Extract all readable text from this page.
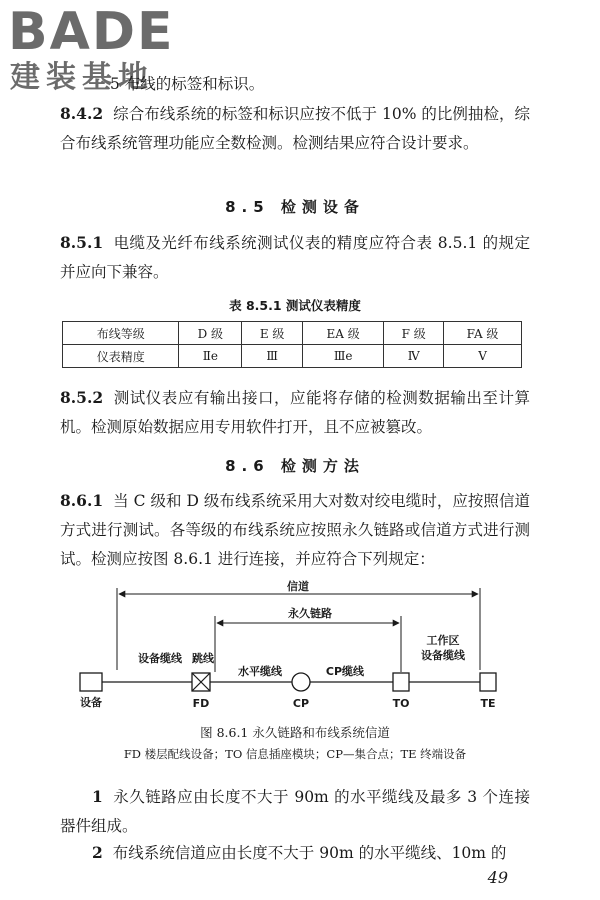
BADE
建装基地

5 布线的标签和标识。

8.4.2 综合布线系统的标签和标识应按不低于 10% 的比例抽检，综合布线系统管理功能应全数检测。检测结果应符合设计要求。

8.5 检测设备

8.5.1 电缆及光纤布线系统测试仪表的精度应符合表 8.5.1 的规定并应向下兼容。

表 8.5.1 测试仪表精度
布线等级	D 级	E 级	EA 级	F 级	FA 级
仪表精度	Ⅱe	Ⅲ	Ⅲe	Ⅳ	Ⅴ

8.5.2 测试仪表应有输出接口，应能将存储的检测数据输出至计算机。检测原始数据应用专用软件打开，且不应被篡改。

8.6 检测方法

8.6.1 当 C 级和 D 级布线系统采用大对数对绞电缆时，应按照信道方式进行测试。各等级的布线系统应按照永久链路或信道方式进行测试。检测应按图 8.6.1 进行连接，并应符合下列规定：

信道
永久链路
设备缆线 跳线
水平缆线	CP缆线
工作区
设备缆线
设备	FD	CP	TO	TE
图 8.6.1 永久链路和布线系统信道
FD 楼层配线设备；TO 信息插座模块；CP—集合点；TE 终端设备

1 永久链路应由长度不大于 90m 的水平缆线及最多 3 个连接器件组成。

2 布线系统信道应由长度不大于 90m 的水平缆线、10m 的

49
